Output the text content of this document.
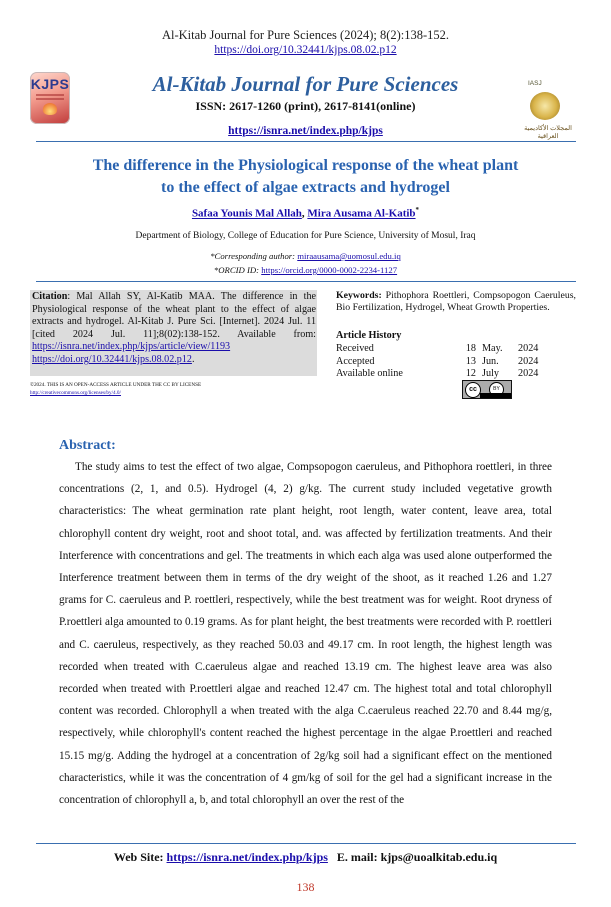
Al-Kitab Journal for Pure Sciences (2024); 8(2):138-152.
https://doi.org/10.32441/kjps.08.02.p12
KJPS	IASJ
المجلات الأكاديمية العراقية
Al-Kitab Journal for Pure Sciences
ISSN: 2617-1260 (print), 2617-8141(online)
https://isnra.net/index.php/kjps
The difference in the Physiological response of the wheat plant
to the effect of algae extracts and hydrogel
Safaa Younis Mal Allah, Mira Ausama Al-Katib*
Department of Biology, College of Education for Pure Science, University of Mosul, Iraq
*Corresponding author: miraausama@uomosul.edu.iq
*ORCID ID: https://orcid.org/0000-0002-2234-1127
Citation: Mal Allah SY, Al-Katib MAA. The difference in the Physiological response of the wheat plant to the effect of algae extracts and hydrogel. Al-Kitab J. Pure Sci. [Internet]. 2024 Jul. 11 [cited 2024 Jul. 11];8(02):138-152. Available from: https://isnra.net/index.php/kjps/article/view/1193 https://doi.org/10.32441/kjps.08.02.p12.
Keywords: Pithophora Roettleri, Compsopogon Caeruleus, Bio Fertilization, Hydrogel, Wheat Growth Properties.
Article History
Received	18 May. 2024
Accepted	13 Jun. 2024
Available online	12 July 2024
©2024. THIS IS AN OPEN-ACCESS ARTICLE UNDER THE CC BY LICENSE
http://creativecommons.org/licenses/by/4.0/	cc	BY
Abstract:
The study aims to test the effect of two algae, Compsopogon caeruleus, and Pithophora roettleri, in three concentrations (2, 1, and 0.5). Hydrogel (4, 2) g/kg. The current study included vegetative growth characteristics: The wheat germination rate plant height, root length, water content, leave area, total chlorophyll content dry weight, root and shoot total, and. was affected by fertilization treatments. And their Interference with concentrations and gel. The treatments in which each alga was used alone outperformed the Interference treatment between them in terms of the dry weight of the shoot, as it reached 1.26 and 1.27 grams for C. caeruleus and P. roettleri, respectively, while the best treatment was for weight. Root dryness of P.roettleri alga amounted to 0.19 grams. As for plant height, the best treatments were recorded with P. roettleri and C. caeruleus, respectively, as they reached 50.03 and 49.17 cm. In root length, the highest length was recorded when treated with C.caeruleus algae and reached 13.19 cm. The highest leave area was also recorded when treated with P.roettleri algae and reached 12.47 cm. The highest total and total chlorophyll content was recorded. Chlorophyll a when treated with the alga C.caeruleus reached 22.70 and 8.44 mg/g, respectively, while chlorophyll's content reached the highest percentage in the algae P.roettleri and reached 15.15 mg/g. Adding the hydrogel at a concentration of 2g/kg soil had a significant effect on the mentioned characteristics, while it was the concentration of 4 gm/kg of soil for the gel had a significant increase in the concentration of chlorophyll a, b, and total chlorophyll an over the rest of the
Web Site: https://isnra.net/index.php/kjps E. mail: kjps@uoalkitab.edu.iq
138
